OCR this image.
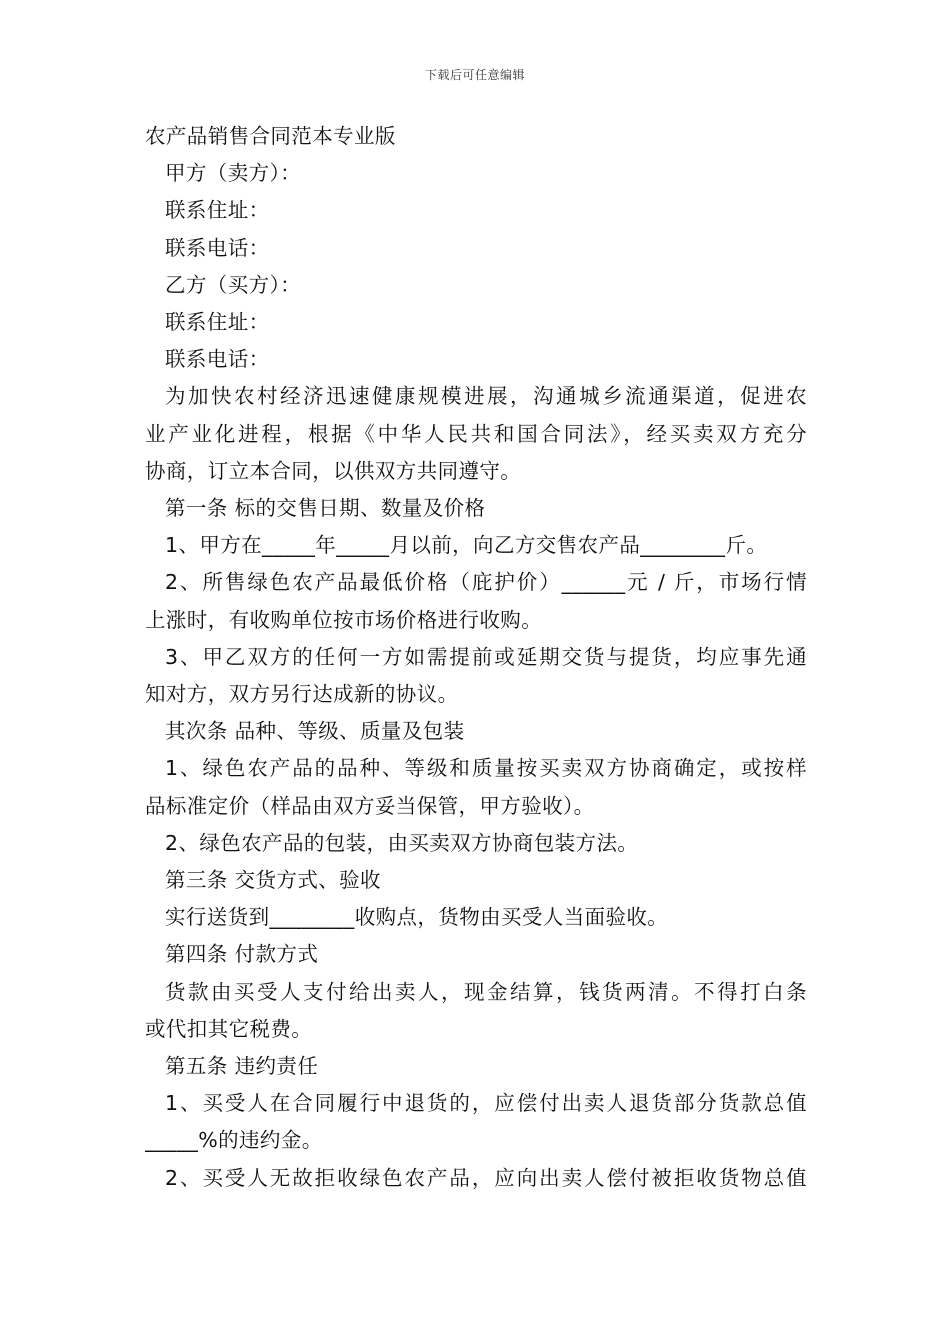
下载后可任意编辑

农产品销售合同范本专业版

甲方（卖方）：

联系住址：

联系电话：

乙方（买方）：

联系住址：

联系电话：

为加快农村经济迅速健康规模进展，沟通城乡流通渠道，促进农

业产业化进程，根据《中华人民共和国合同法》，经买卖双方充分

协商，订立本合同，以供双方共同遵守。

第一条 标的交售日期、数量及价格

1、甲方在_____年_____月以前，向乙方交售农产品________斤。

2、所售绿色农产品最低价格（庇护价）______元 / 斤，市场行情

上涨时，有收购单位按市场价格进行收购。

3、甲乙双方的任何一方如需提前或延期交货与提货，均应事先通

知对方，双方另行达成新的协议。

其次条 品种、等级、质量及包装

1、绿色农产品的品种、等级和质量按买卖双方协商确定，或按样

品标准定价（样品由双方妥当保管，甲方验收）。

2、绿色农产品的包装，由买卖双方协商包装方法。

第三条 交货方式、验收

实行送货到________收购点，货物由买受人当面验收。

第四条 付款方式

货款由买受人支付给出卖人，现金结算，钱货两清。不得打白条

或代扣其它税费。

第五条 违约责任

1、买受人在合同履行中退货的，应偿付出卖人退货部分货款总值

_____%的违约金。

2、买受人无故拒收绿色农产品，应向出卖人偿付被拒收货物总值
